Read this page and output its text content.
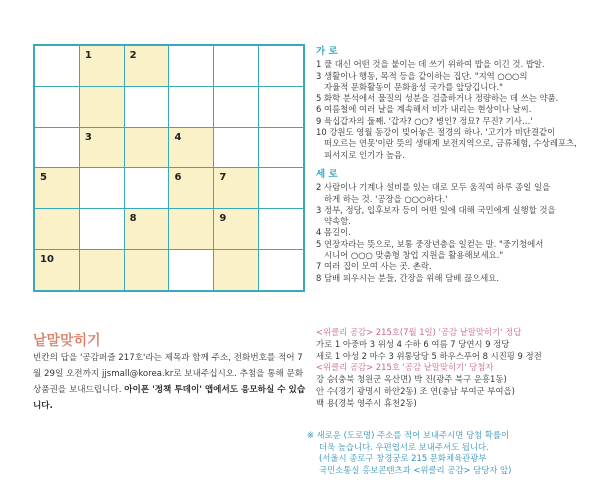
1	2
3	4
5	6	7
8	9
10
낱말맞히기
빈칸의 답을 '공감퍼즐 217호'라는 제목과 함께 주소, 전화번호를 적어 7월 29일 오전까지 jjsmall@korea.kr로 보내주십시오. 추첨을 통해 문화상품권을 보내드립니다. 아이폰 '정책 투데이' 앱에서도 응모하실 수 있습니다.

가 로

1 풀 대신 어떤 것을 붙이는 데 쓰기 위하여 밥을 이긴 것. 밥알.

3 생활이나 행동, 목적 등을 같이하는 집단. "지역 ○○○의
자율적 문화활동이 문화융성 국가를 앞당깁니다."

5 화학 분석에서 물질의 성분을 검출하거나 정량하는 데 쓰는 약품.

6 여름철에 여러 날을 계속해서 비가 내리는 현상이나 날씨.

9 육십갑자의 둘째. '갑자? ○○? 병인? 정묘? 무진? 기사…'

10 강원도 영월 동강이 빚어놓은 절경의 하나. '고기가 비단결같이
떠오르는 연못'이란 뜻의 생태계 보전지역으로, 금류체험, 수상레포츠,
피서지로 인기가 높음.

세 로

2 사람이나 기계나 설비를 있는 대로 모두 움직여 하루 종일 일을
하게 하는 것. '공장을 ○○○하다.'

3 정부, 정당, 입후보자 등이 어떤 일에 대해 국민에게 실행할 것을
약속함.

4 몸길이.

5 연장자라는 뜻으로, 보통 중장년층을 일컫는 말. "중기청에서
시니어 ○○○ 맞춤형 창업 지원을 활용해보세요."

7 여러 집이 모여 사는 곳. 촌락.

8 담배 피우시는 분들, 간장을 위해 담배 끊으세요.

<위클리 공감> 215호(7월 1일) '공감 낱말맞히기' 정답

가로 1 아중마 3 위성 4 수하 6 여름 7 당연시 9 정당

세로 1 아성 2 마수 3 위통당당 5 하우스푸어 8 시진핑 9 정전

<위클리 공감> 215호 '공감 낱말맞히기' 당첨자

강 승(충북 청원군 옥산면) 박 진(광주 북구 운흥1동)

안 수(경기 광명시 하안2동) 조 연(충남 부여군 부여읍)

백 용(경북 영주시 휴천2동)

※ 새로운 (도로명) 주소를 적어 보내주시면 당첨 확률이

더욱 높습니다. 우편엽서로 보내주셔도 됩니다.

(서울시 종로구 창경궁로 215 문화체육관광부

국민소통실 홍보콘텐츠과 <위클리 공감> 담당자 앞)
